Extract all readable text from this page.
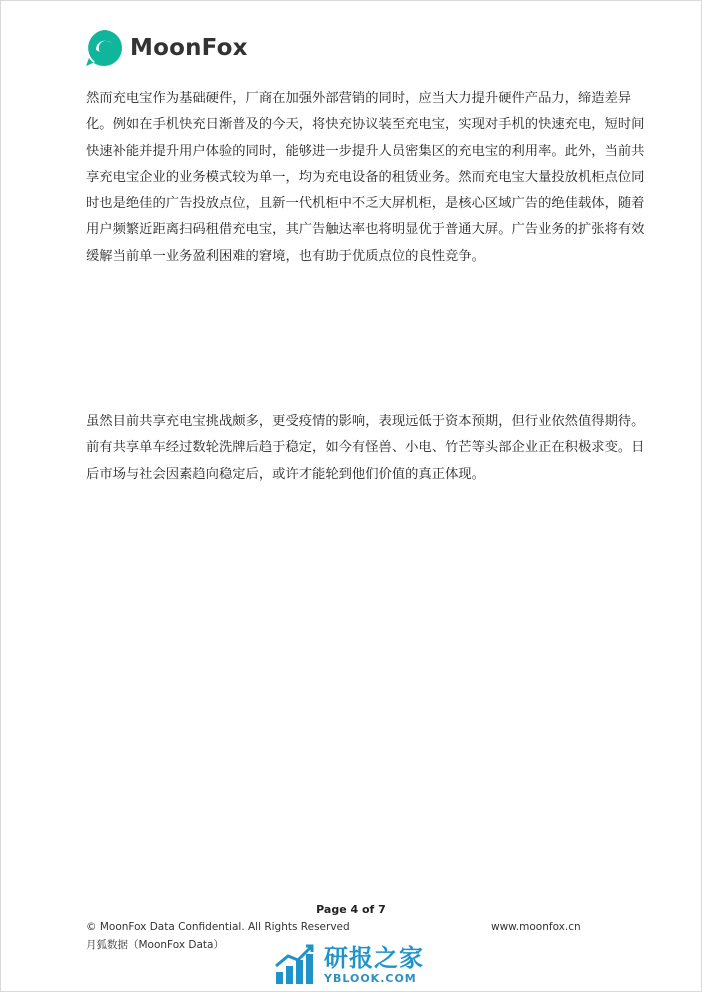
MoonFox
然而充电宝作为基础硬件，厂商在加强外部营销的同时，应当大力提升硬件产品力，缔造差异
化。例如在手机快充日渐普及的今天，将快充协议装至充电宝，实现对手机的快速充电，短时间
快速补能并提升用户体验的同时，能够进一步提升人员密集区的充电宝的利用率。此外，当前共
享充电宝企业的业务模式较为单一，均为充电设备的租赁业务。然而充电宝大量投放机柜点位同
时也是绝佳的广告投放点位，且新一代机柜中不乏大屏机柜，是核心区域广告的绝佳载体，随着
用户频繁近距离扫码租借充电宝，其广告触达率也将明显优于普通大屏。广告业务的扩张将有效
缓解当前单一业务盈利困难的窘境，也有助于优质点位的良性竞争。
虽然目前共享充电宝挑战颇多，更受疫情的影响，表现远低于资本预期，但行业依然值得期待。
前有共享单车经过数轮洗牌后趋于稳定，如今有怪兽、小电、竹芒等头部企业正在积极求变。日
后市场与社会因素趋向稳定后，或许才能轮到他们价值的真正体现。
Page 4 of 7
© MoonFox Data Confidential. All Rights Reserved
月狐数据（MoonFox Data）
www.moonfox.cn
研报之家
YBLOOK.COM
